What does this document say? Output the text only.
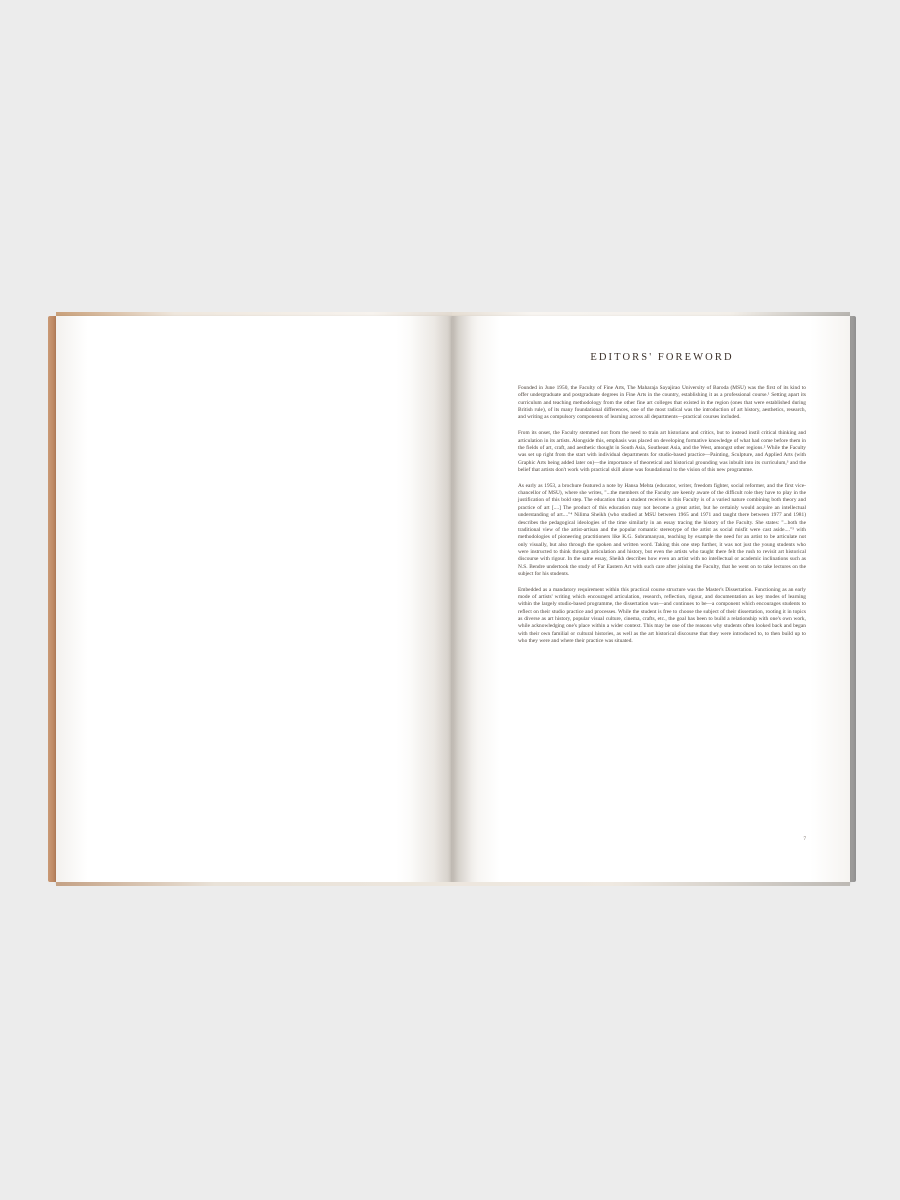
EDITORS' FOREWORD

Founded in June 1950, the Faculty of Fine Arts, The Maharaja Sayajirao University of Baroda (MSU) was the first of its kind to offer undergraduate and postgraduate degrees in Fine Arts in the country, establishing it as a professional course.¹ Setting apart its curriculum and teaching methodology from the other fine art colleges that existed in the region (ones that were established during British rule), of its many foundational differences, one of the most radical was the introduction of art history, aesthetics, research, and writing as compulsory components of learning across all departments—practical courses included.

From its onset, the Faculty stemmed not from the need to train art historians and critics, but to instead instil critical thinking and articulation in its artists. Alongside this, emphasis was placed on developing formative knowledge of what had come before them in the fields of art, craft, and aesthetic thought in South Asia, Southeast Asia, and the West, amongst other regions.² While the Faculty was set up right from the start with individual departments for studio-based practice—Painting, Sculpture, and Applied Arts (with Graphic Arts being added later on)—the importance of theoretical and historical grounding was inbuilt into its curriculum,³ and the belief that artists don't work with practical skill alone was foundational to the vision of this new programme.

As early as 1953, a brochure featured a note by Hansa Mehta (educator, writer, freedom fighter, social reformer, and the first vice-chancellor of MSU), where she writes, "...the members of the Faculty are keenly aware of the difficult role they have to play in the justification of this bold step. The education that a student receives in this Faculty is of a varied nature combining both theory and practice of art [....] The product of this education may not become a great artist, but he certainly would acquire an intellectual understanding of art...."⁴ Nilima Sheikh (who studied at MSU between 1965 and 1971 and taught there between 1977 and 1981) describes the pedagogical ideologies of the time similarly in an essay tracing the history of the Faculty. She states: "...both the traditional view of the artist-artisan and the popular romantic stereotype of the artist as social misfit were cast aside...."⁵ with methodologies of pioneering practitioners like K.G. Subramanyan, teaching by example the need for an artist to be articulate not only visually, but also through the spoken and written word. Taking this one step further, it was not just the young students who were instructed to think through articulation and history, but even the artists who taught there felt the rush to revisit art historical discourse with rigour. In the same essay, Sheikh describes how even an artist with no intellectual or academic inclinations such as N.S. Bendre undertook the study of Far Eastern Art with such care after joining the Faculty, that he went on to take lectures on the subject for his students.

Embedded as a mandatory requirement within this practical course structure was the Master's Dissertation. Functioning as an early mode of artists' writing which encouraged articulation, research, reflection, rigour, and documentation as key modes of learning within the largely studio-based programme, the dissertation was—and continues to be—a component which encourages students to reflect on their studio practice and processes. While the student is free to choose the subject of their dissertation, rooting it in topics as diverse as art history, popular visual culture, cinema, crafts, etc., the goal has been to build a relationship with one's own work, while acknowledging one's place within a wider context. This may be one of the reasons why students often looked back and began with their own familial or cultural histories, as well as the art historical discourse that they were introduced to, to then build up to who they were and where their practice was situated.

7
